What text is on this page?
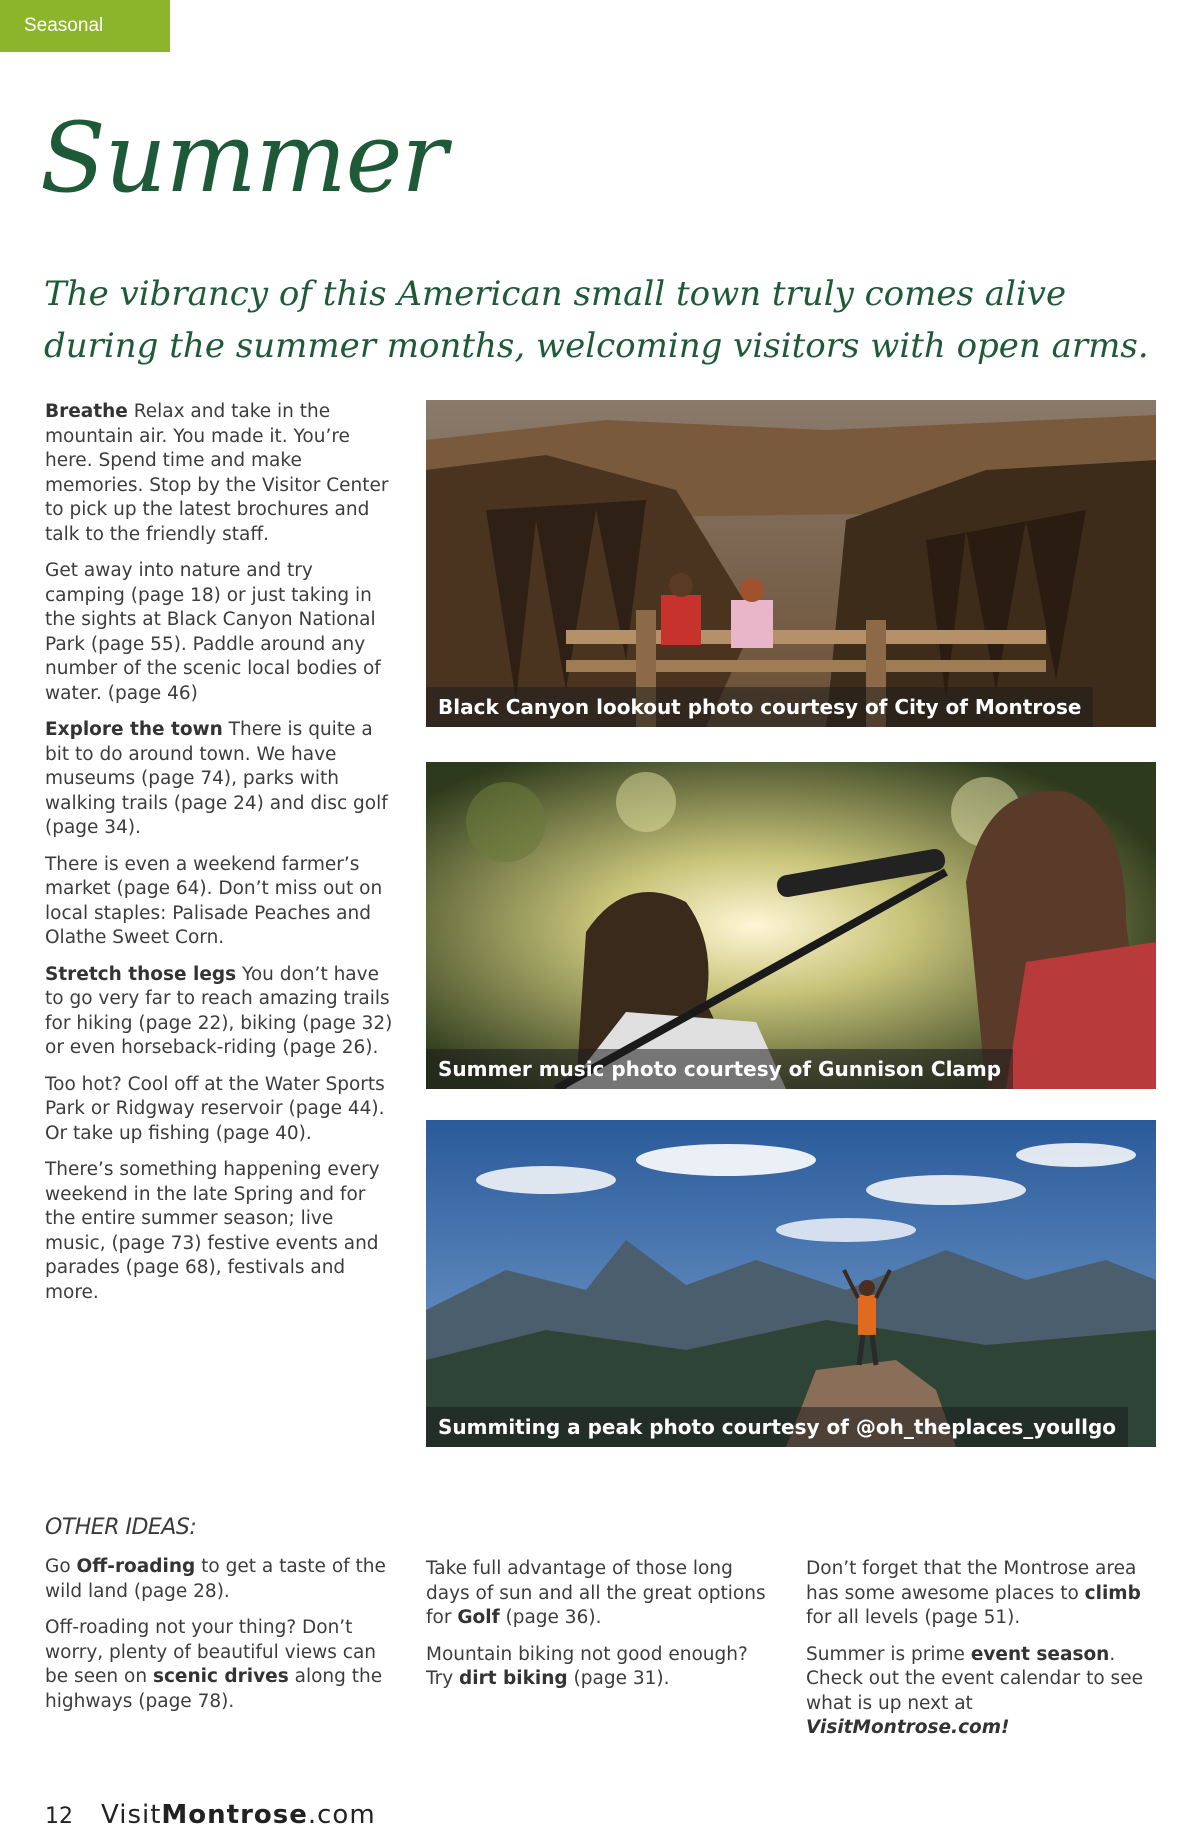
Seasonal
Summer
The vibrancy of this American small town truly comes alive during the summer months, welcoming visitors with open arms.

Breathe Relax and take in the mountain air. You made it. You’re here. Spend time and make memories. Stop by the Visitor Center to pick up the latest brochures and talk to the friendly staff.

Get away into nature and try camping (page 18) or just taking in the sights at Black Canyon National Park (page 55). Paddle around any number of the scenic local bodies of water. (page 46)

Explore the town There is quite a bit to do around town. We have museums (page 74), parks with walking trails (page 24) and disc golf (page 34).

There is even a weekend farmer’s market (page 64). Don’t miss out on local staples: Palisade Peaches and Olathe Sweet Corn.

Stretch those legs You don’t have to go very far to reach amazing trails for hiking (page 22), biking (page 32) or even horseback-riding (page 26).

Too hot? Cool off at the Water Sports Park or Ridgway reservoir (page 44). Or take up fishing (page 40).

There’s something happening every weekend in the late Spring and for the entire summer season; live music, (page 73) festive events and parades (page 68), festivals and more.

Black Canyon lookout photo courtesy of City of Montrose
Summer music photo courtesy of Gunnison Clamp
Summiting a peak photo courtesy of @oh_theplaces_youllgo
OTHER IDEAS:

Go Off-roading to get a taste of the wild land (page 28).

Off-roading not your thing? Don’t worry, plenty of beautiful views can be seen on scenic drives along the highways (page 78).

Take full advantage of those long days of sun and all the great options for Golf (page 36).

Mountain biking not good enough? Try dirt biking (page 31).

Don’t forget that the Montrose area has some awesome places to climb for all levels (page 51).

Summer is prime event season. Check out the event calendar to see what is up next at VisitMontrose.com!

12 VisitMontrose.com
